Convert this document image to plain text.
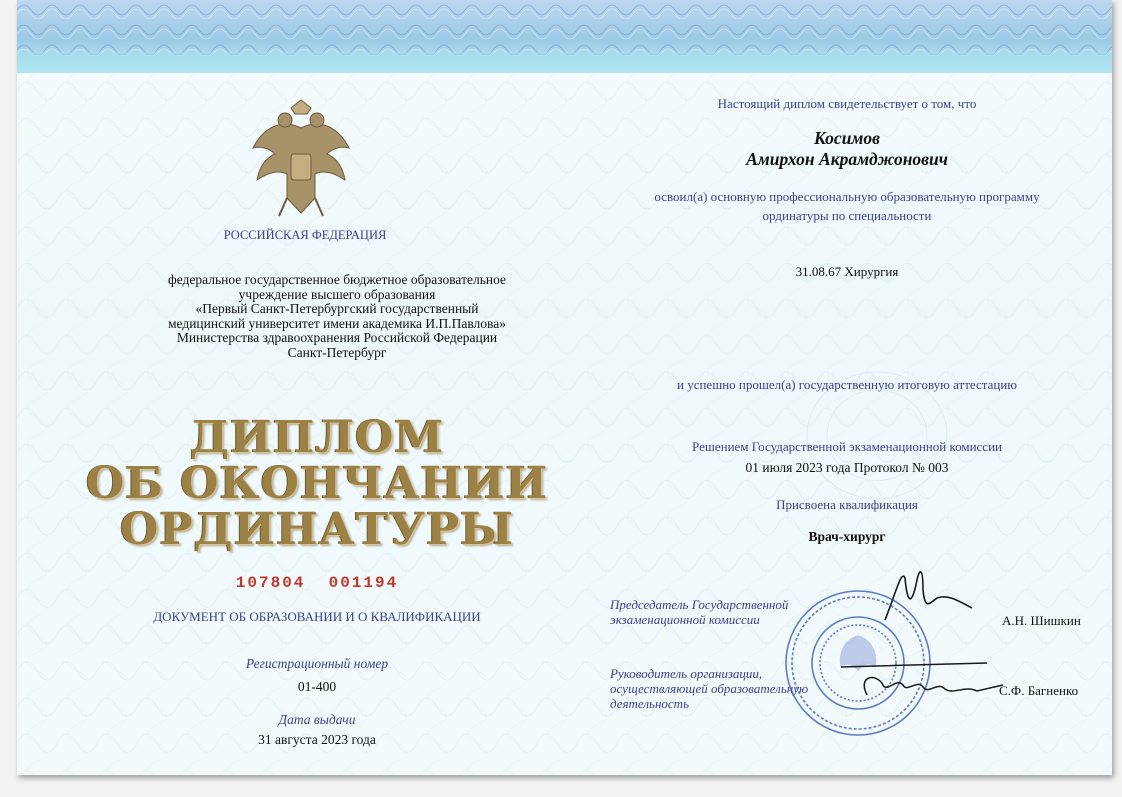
РОССИЙСКАЯ ФЕДЕРАЦИЯ
федеральное государственное бюджетное образовательное
учреждение высшего образования
«Первый Санкт-Петербургский государственный
медицинский университет имени академика И.П.Павлова»
Министерства здравоохранения Российской Федерации
Санкт-Петербург
ДИПЛОМ
ОБ ОКОНЧАНИИ
ОРДИНАТУРЫ
107804  001194
ДОКУМЕНТ ОБ ОБРАЗОВАНИИ И О КВАЛИФИКАЦИИ
Регистрационный номер
01-400
Дата выдачи
31 августа 2023 года
Настоящий диплом свидетельствует о том, что
Косимов
Амирхон Акрамджонович
освоил(а) основную профессиональную образовательную программу
ординатуры по специальности
31.08.67 Хирургия
и успешно прошел(а) государственную итоговую аттестацию
Решением Государственной экзаменационной комиссии
01 июля 2023 года Протокол № 003
Присвоена квалификация
Врач-хирург
Председатель Государственной
экзаменационной комиссии	А.Н. Шишкин
Руководитель организации,
осуществляющей образовательную
деятельность
С.Ф. Багненко
